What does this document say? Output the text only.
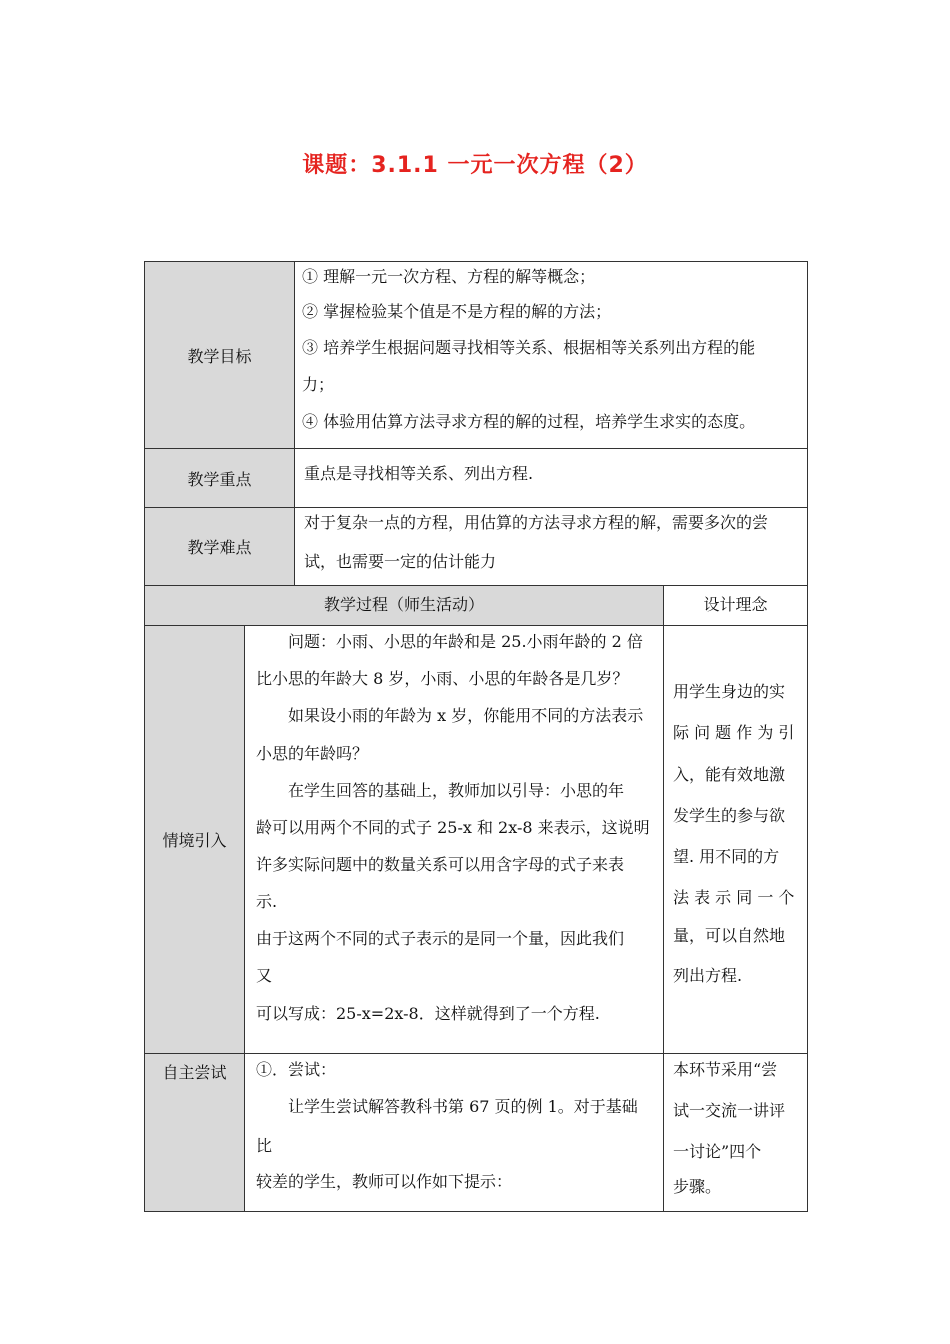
课题：3.1.1 一元一次方程（2）
教学目标
① 理解一元一次方程、方程的解等概念；
② 掌握检验某个值是不是方程的解的方法；
③ 培养学生根据问题寻找相等关系、根据相等关系列出方程的能
力；
④ 体验用估算方法寻求方程的解的过程，培养学生求实的态度。
教学重点	重点是寻找相等关系、列出方程.
教学难点
对于复杂一点的方程，用估算的方法寻求方程的解，需要多次的尝
试，也需要一定的估计能力
教学过程（师生活动）	设计理念
情境引入
问题：小雨、小思的年龄和是 25.小雨年龄的 2 倍
比小思的年龄大 8 岁，小雨、小思的年龄各是几岁？
如果设小雨的年龄为 x 岁，你能用不同的方法表示
小思的年龄吗？
在学生回答的基础上，教师加以引导：小思的年
龄可以用两个不同的式子 25-x 和 2x-8 来表示，这说明
许多实际问题中的数量关系可以用含字母的式子来表
示.
由于这两个不同的式子表示的是同一个量，因此我们
又
可以写成：25-x=2x-8．这样就得到了一个方程.
用学生身边的实
际 问 题 作 为 引
入，能有效地激
发学生的参与欲
望. 用不同的方
法 表 示 同 一 个
量，可以自然地
列出方程.
自主尝试 ①．尝试：
让学生尝试解答教科书第 67 页的例 1。对于基础
比
较差的学生，教师可以作如下提示：
本环节采用“尝
试一交流一讲评
一讨论”四个
步骤。
